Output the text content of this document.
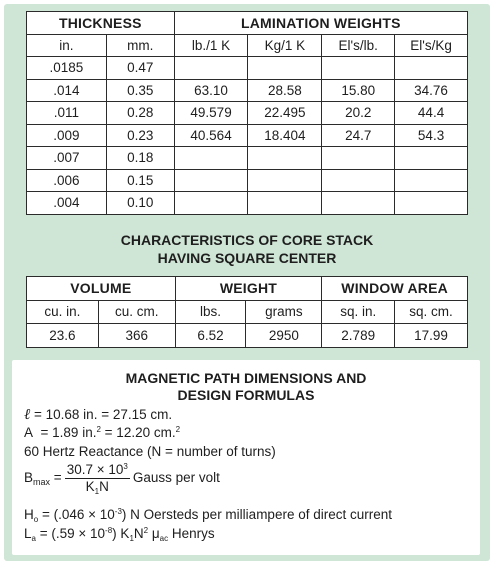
THICKNESS		LAMINATION WEIGHTS			
in.	mm.	lb./1 K	Kg/1 K	El's/lb.	El's/Kg
.0185	0.47				
.014	0.35	63.10	28.58	15.80	34.76
.011	0.28	49.579	22.495	20.2	44.4
.009	0.23	40.564	18.404	24.7	54.3
.007	0.18				
.006	0.15				
.004	0.10				
CHARACTERISTICS OF CORE STACK
HAVING SQUARE CENTER
VOLUME		WEIGHT		WINDOW AREA	
cu. in.	cu. cm.	lbs.	grams	sq. in.	sq. cm.
23.6	366	6.52	2950	2.789	17.99
MAGNETIC PATH DIMENSIONS AND
DESIGN FORMULAS
ℓ = 10.68 in. = 27.15 cm.
A = 1.89 in.$^2$ = 12.20 cm.$^2$
60 Hertz Reactance (N = number of turns)
$B_{max} = \frac{30.7 \times 10^3}{K_1N}$ Gauss per volt
$H_o = (.046 \times 10^{-3})$ N Oersteds per milliampere of direct current
$L_a = (.59 \times 10^{-8})$ $K_1N^2$ $\mu_{ac}$ Henrys
